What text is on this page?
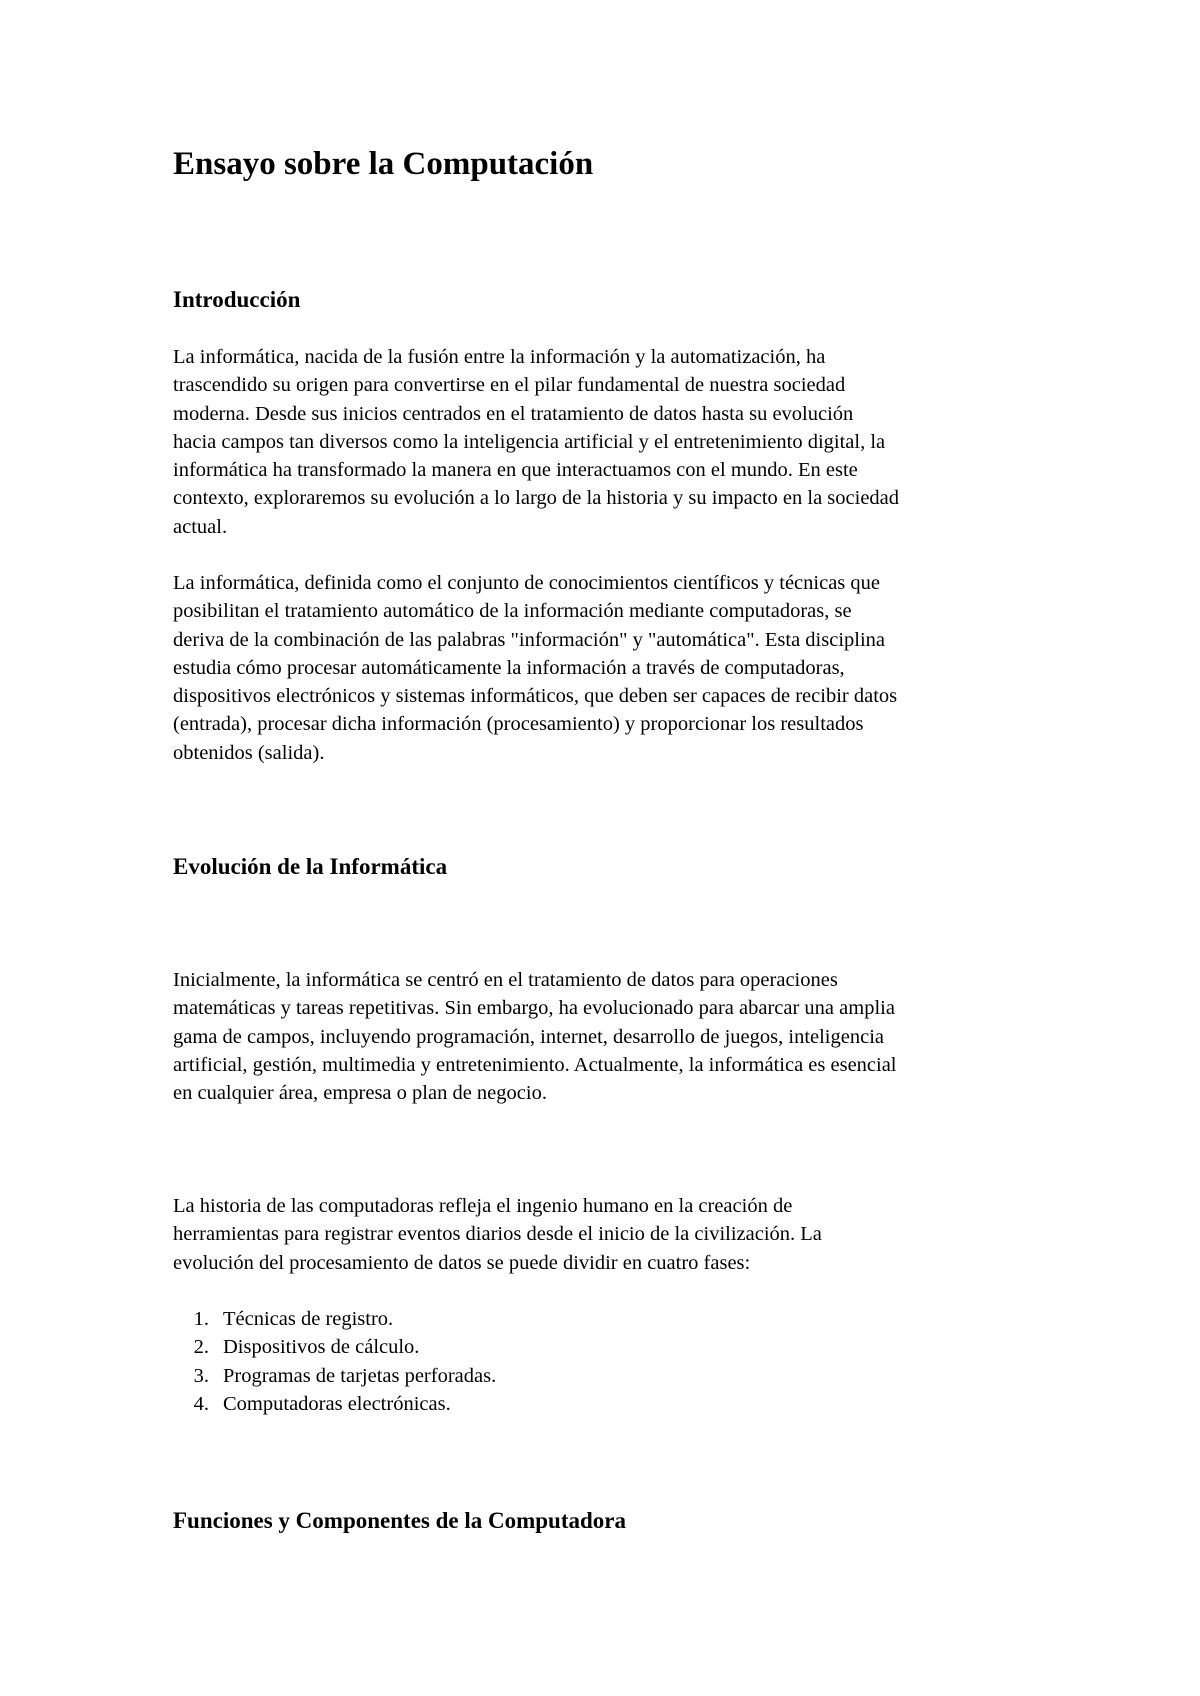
Ensayo sobre la Computación
Introducción
La informática, nacida de la fusión entre la información y la automatización, ha
trascendido su origen para convertirse en el pilar fundamental de nuestra sociedad
moderna. Desde sus inicios centrados en el tratamiento de datos hasta su evolución
hacia campos tan diversos como la inteligencia artificial y el entretenimiento digital, la
informática ha transformado la manera en que interactuamos con el mundo. En este
contexto, exploraremos su evolución a lo largo de la historia y su impacto en la sociedad
actual.
La informática, definida como el conjunto de conocimientos científicos y técnicas que
posibilitan el tratamiento automático de la información mediante computadoras, se
deriva de la combinación de las palabras "información" y "automática". Esta disciplina
estudia cómo procesar automáticamente la información a través de computadoras,
dispositivos electrónicos y sistemas informáticos, que deben ser capaces de recibir datos
(entrada), procesar dicha información (procesamiento) y proporcionar los resultados
obtenidos (salida).
Evolución de la Informática
Inicialmente, la informática se centró en el tratamiento de datos para operaciones
matemáticas y tareas repetitivas. Sin embargo, ha evolucionado para abarcar una amplia
gama de campos, incluyendo programación, internet, desarrollo de juegos, inteligencia
artificial, gestión, multimedia y entretenimiento. Actualmente, la informática es esencial
en cualquier área, empresa o plan de negocio.
La historia de las computadoras refleja el ingenio humano en la creación de
herramientas para registrar eventos diarios desde el inicio de la civilización. La
evolución del procesamiento de datos se puede dividir en cuatro fases:
1. Técnicas de registro.
2. Dispositivos de cálculo.
3. Programas de tarjetas perforadas.
4. Computadoras electrónicas.
Funciones y Componentes de la Computadora
